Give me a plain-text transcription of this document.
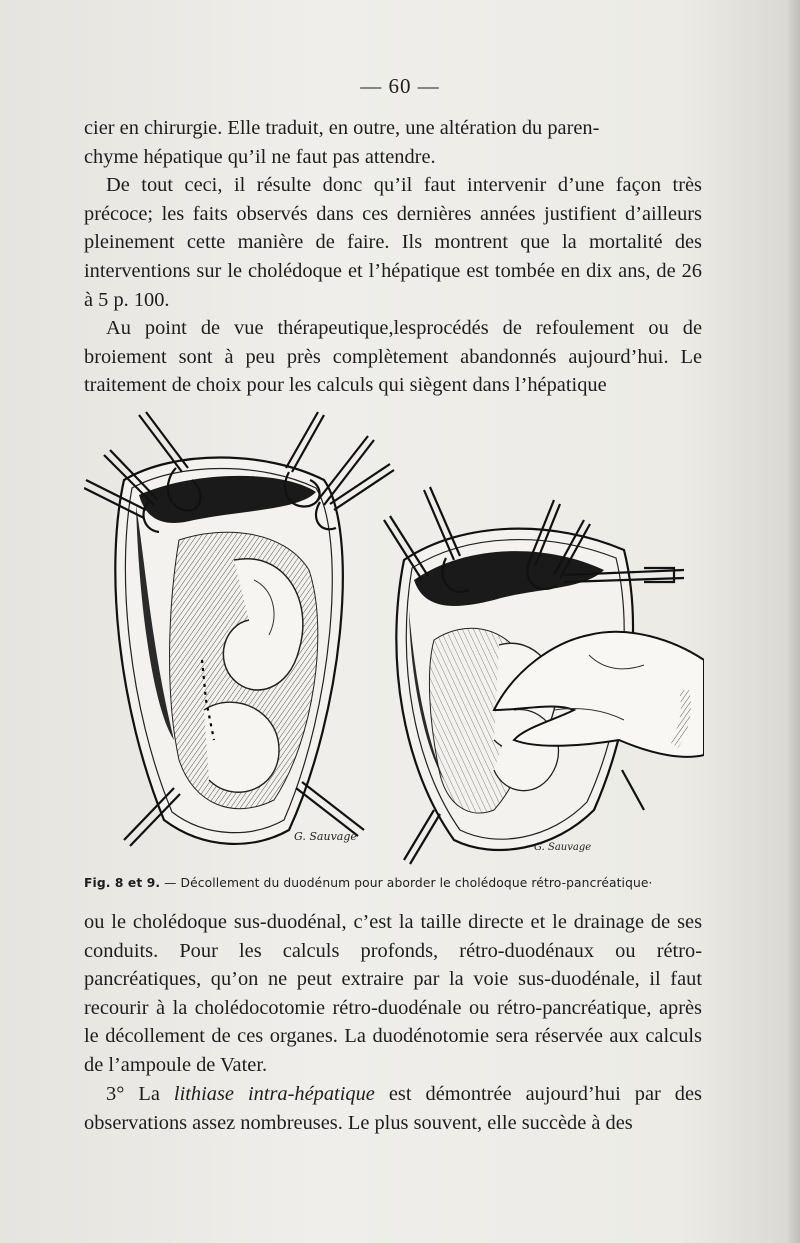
— 60 —

cier en chirurgie. Elle traduit, en outre, une altération du paren-
chyme hépatique qu’il ne faut pas attendre.

De tout ceci, il résulte donc qu’il faut intervenir d’une façon très précoce; les faits observés dans ces dernières années justifient d’ailleurs pleinement cette manière de faire. Ils montrent que la mortalité des interventions sur le cholédoque et l’hépatique est tombée en dix ans, de 26 à 5 p. 100.

Au point de vue thérapeutique,lesprocédés de refoulement ou de broiement sont à peu près complètement abandonnés aujourd’hui. Le traitement de choix pour les calculs qui siègent dans l’hépatique

G. Sauvage
G. Sauvage
Fig. 8 et 9. — Décollement du duodénum pour aborder le cholédoque rétro-pancréatique·

ou le cholédoque sus-duodénal, c’est la taille directe et le drainage de ses conduits. Pour les calculs profonds, rétro-duodénaux ou rétro-pancréatiques, qu’on ne peut extraire par la voie sus-duodénale, il faut recourir à la cholédocotomie rétro-duodénale ou rétro-pancréatique, après le décollement de ces organes. La duodénotomie sera réservée aux calculs de l’ampoule de Vater.

3° La lithiase intra-hépatique est démontrée aujourd’hui par des observations assez nombreuses. Le plus souvent, elle succède à des
